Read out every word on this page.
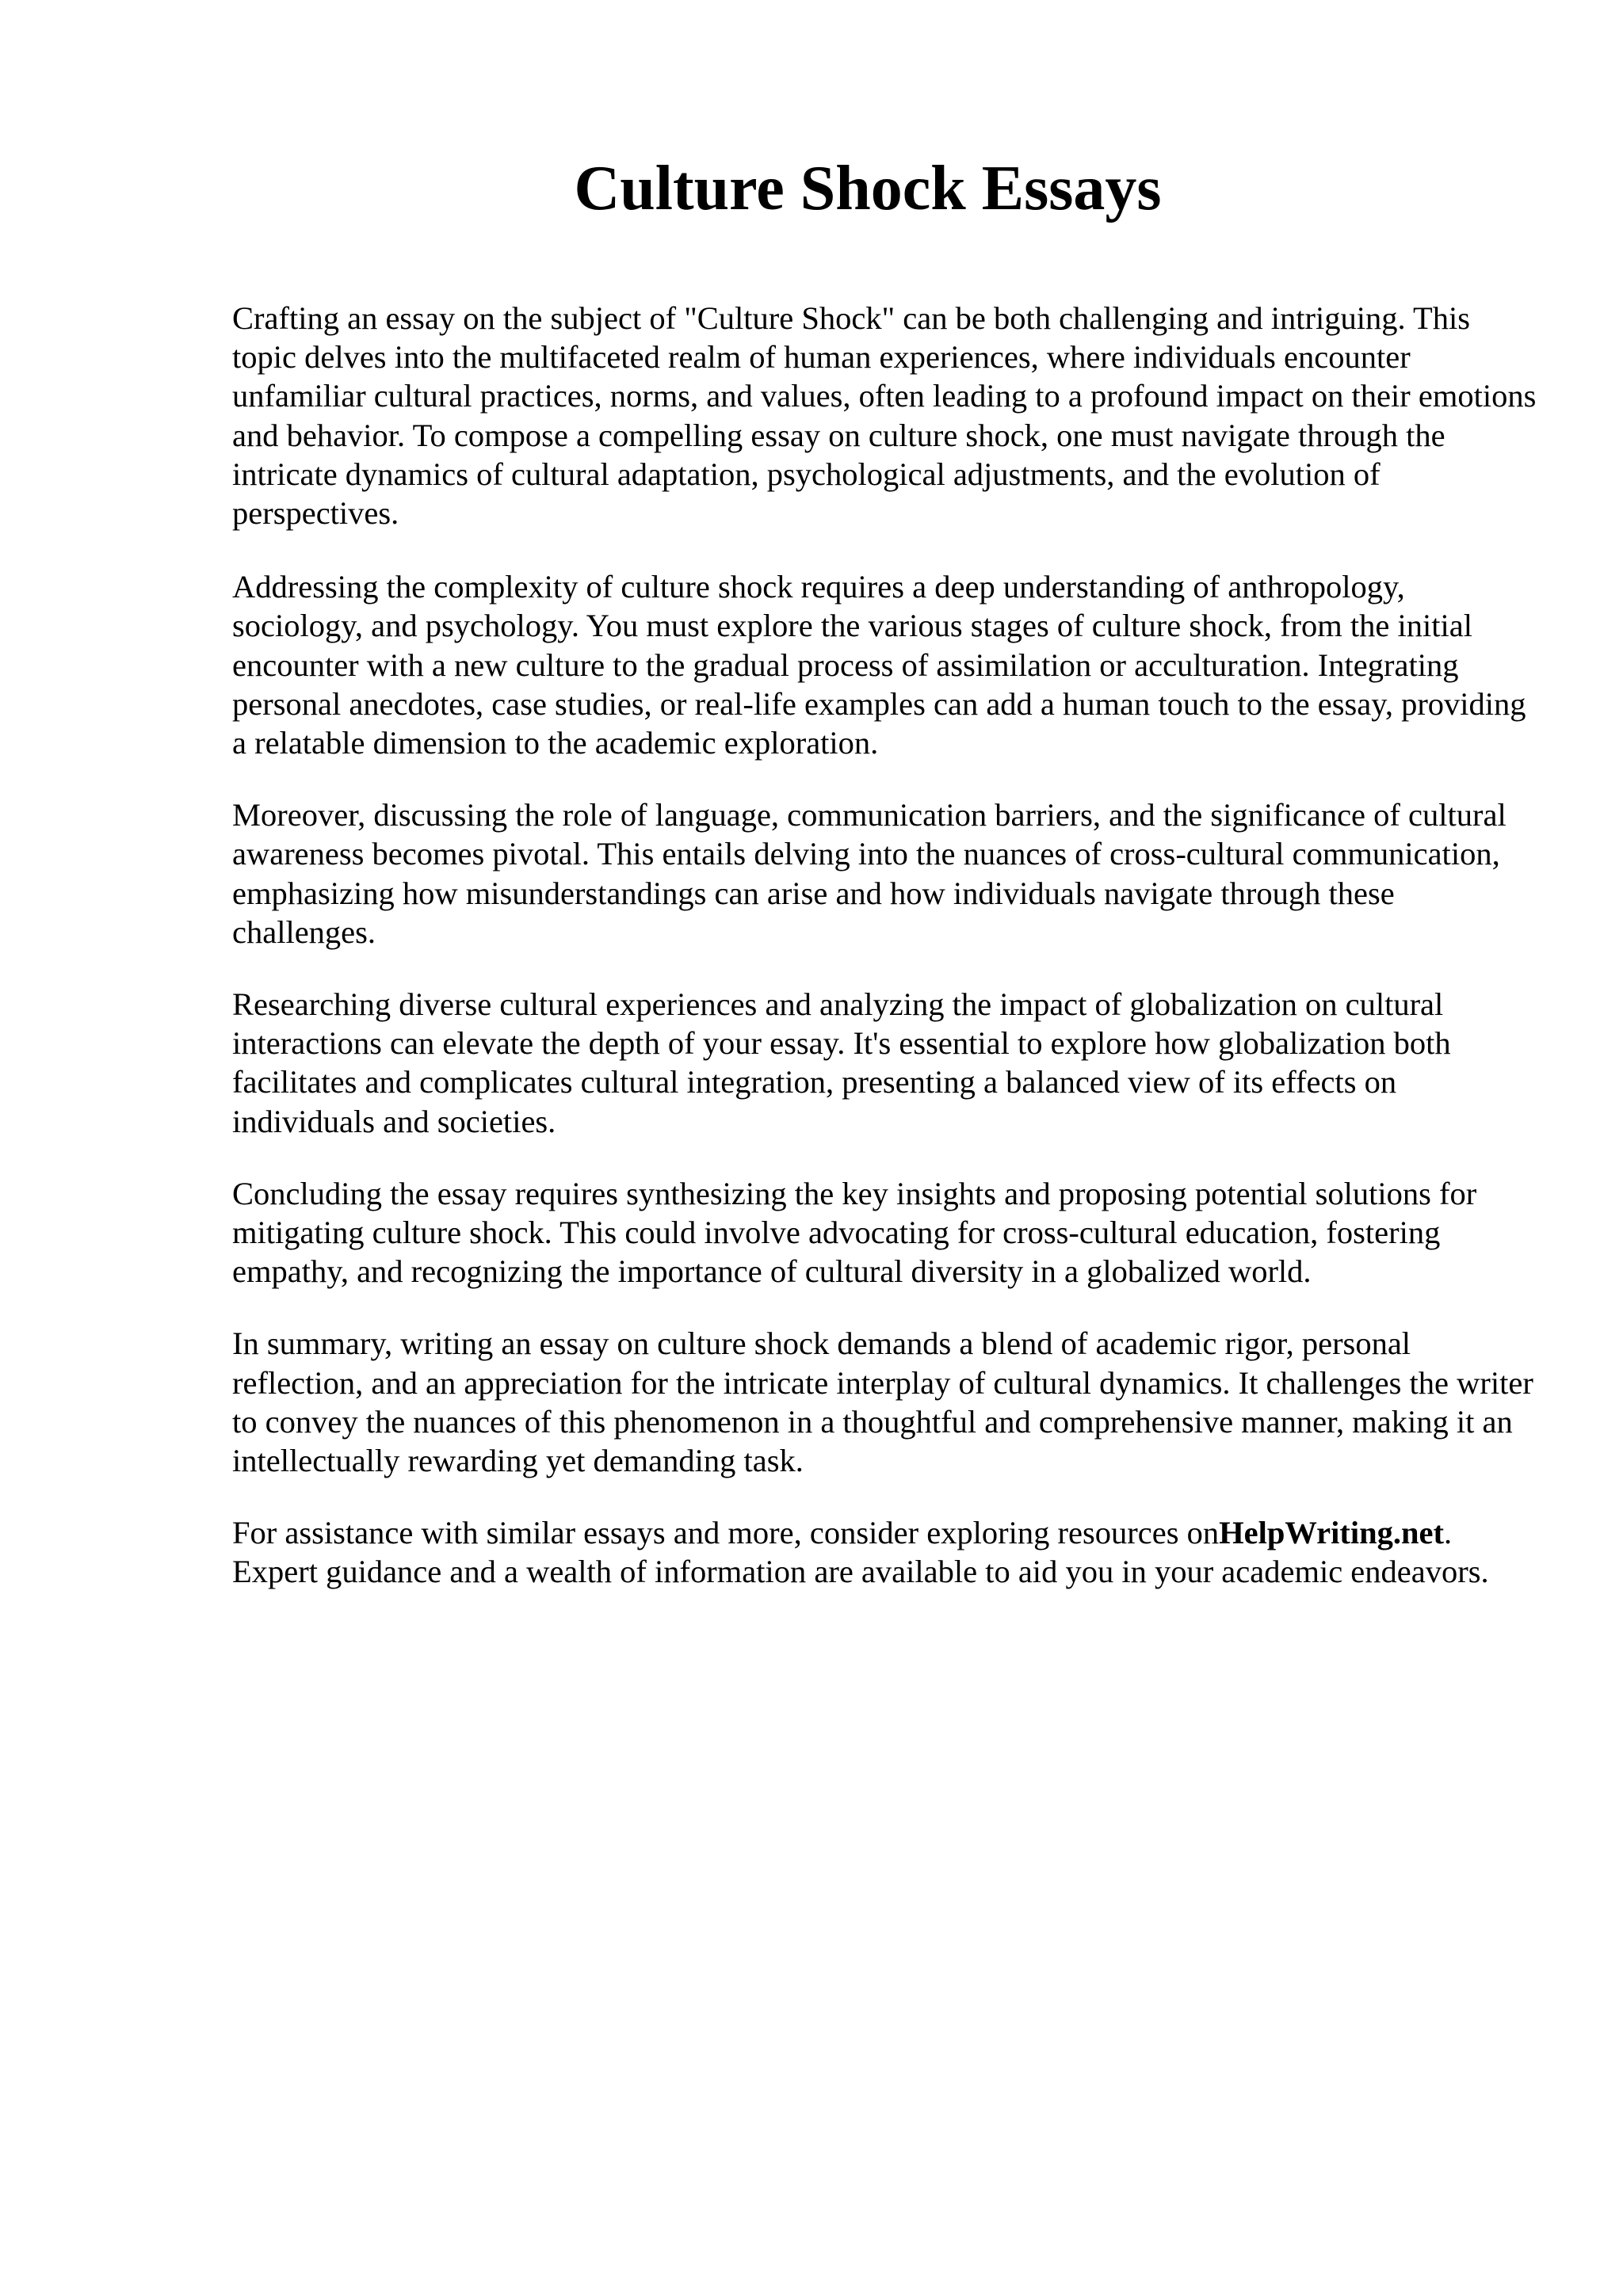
Culture Shock Essays

Crafting an essay on the subject of "Culture Shock" can be both challenging and intriguing. This topic delves into the multifaceted realm of human experiences, where individuals encounter unfamiliar cultural practices, norms, and values, often leading to a profound impact on their emotions and behavior. To compose a compelling essay on culture shock, one must navigate through the intricate dynamics of cultural adaptation, psychological adjustments, and the evolution of perspectives.

Addressing the complexity of culture shock requires a deep understanding of anthropology, sociology, and psychology. You must explore the various stages of culture shock, from the initial encounter with a new culture to the gradual process of assimilation or acculturation. Integrating personal anecdotes, case studies, or real-life examples can add a human touch to the essay, providing a relatable dimension to the academic exploration.

Moreover, discussing the role of language, communication barriers, and the significance of cultural awareness becomes pivotal. This entails delving into the nuances of cross-cultural communication, emphasizing how misunderstandings can arise and how individuals navigate through these challenges.

Researching diverse cultural experiences and analyzing the impact of globalization on cultural interactions can elevate the depth of your essay. It's essential to explore how globalization both facilitates and complicates cultural integration, presenting a balanced view of its effects on individuals and societies.

Concluding the essay requires synthesizing the key insights and proposing potential solutions for mitigating culture shock. This could involve advocating for cross-cultural education, fostering empathy, and recognizing the importance of cultural diversity in a globalized world.

In summary, writing an essay on culture shock demands a blend of academic rigor, personal reflection, and an appreciation for the intricate interplay of cultural dynamics. It challenges the writer to convey the nuances of this phenomenon in a thoughtful and comprehensive manner, making it an intellectually rewarding yet demanding task.

For assistance with similar essays and more, consider exploring resources onHelpWriting.net. Expert guidance and a wealth of information are available to aid you in your academic endeavors.
